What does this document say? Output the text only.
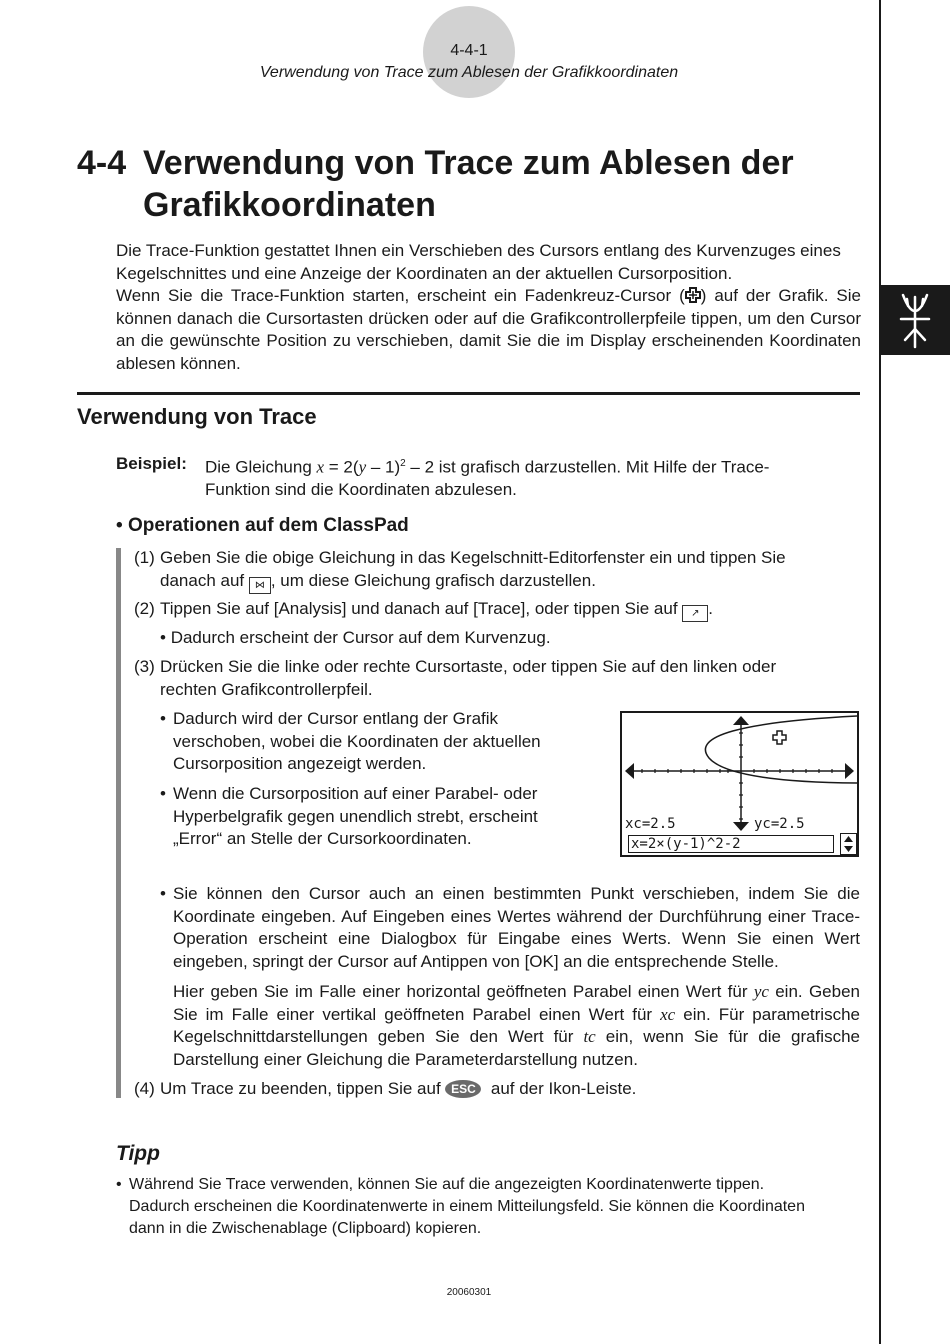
4-4-1
Verwendung von Trace zum Ablesen der Grafikkoordinaten
4-4 Verwendung von Trace zum Ablesen der
Grafikkoordinaten
Die Trace-Funktion gestattet Ihnen ein Verschieben des Cursors entlang des Kurvenzuges eines Kegelschnittes und eine Anzeige der Koordinaten an der aktuellen Cursorposition.
Wenn Sie die Trace-Funktion starten, erscheint ein Fadenkreuz-Cursor ( ) auf der Grafik. Sie können danach die Cursortasten drücken oder auf die Grafikcontrollerpfeile tippen, um den Cursor an die gewünschte Position zu verschieben, damit Sie die im Display erscheinenden Koordinaten ablesen können.
Verwendung von Trace
Beispiel: Die Gleichung x = 2(y – 1)$^2$ – 2 ist grafisch darzustellen. Mit Hilfe der Trace-
Funktion sind die Koordinaten abzulesen.
• Operationen auf dem ClassPad
(1) Geben Sie die obige Gleichung in das Kegelschnitt-Editorfenster ein und tippen Sie
danach auf ⋈ , um diese Gleichung grafisch darzustellen.
(2) Tippen Sie auf [Analysis] und danach auf [Trace], oder tippen Sie auf ↗ .
• Dadurch erscheint der Cursor auf dem Kurvenzug.
(3) Drücken Sie die linke oder rechte Cursortaste, oder tippen Sie auf den linken oder
rechten Grafikcontrollerpfeil.
• Dadurch wird der Cursor entlang der Grafik
verschoben, wobei die Koordinaten der aktuellen
Cursorposition angezeigt werden.
• Wenn die Cursorposition auf einer Parabel- oder
Hyperbelgrafik gegen unendlich strebt, erscheint
„Error“ an Stelle der Cursorkoordinaten.
xc=2.5	yc=2.5
x=2×(y-1)^2-2
• Sie können den Cursor auch an einen bestimmten Punkt verschieben, indem Sie die Koordinate eingeben. Auf Eingeben eines Wertes während der Durchführung einer Trace-Operation erscheint eine Dialogbox für Eingabe eines Werts. Wenn Sie einen Wert eingeben, springt der Cursor auf Antippen von [OK] an die entsprechende Stelle.
Hier geben Sie im Falle einer horizontal geöffneten Parabel einen Wert für yc ein. Geben Sie im Falle einer vertikal geöffneten Parabel einen Wert für xc ein. Für parametrische Kegelschnittdarstellungen geben Sie den Wert für tc ein, wenn Sie für die grafische Darstellung einer Gleichung die Parameterdarstellung nutzen.
(4) Um Trace zu beenden, tippen Sie auf ESC  auf der Ikon-Leiste.
Tipp
• Während Sie Trace verwenden, können Sie auf die angezeigten Koordinatenwerte tippen.
Dadurch erscheinen die Koordinatenwerte in einem Mitteilungsfeld. Sie können die Koordinaten
dann in die Zwischenablage (Clipboard) kopieren.
20060301
